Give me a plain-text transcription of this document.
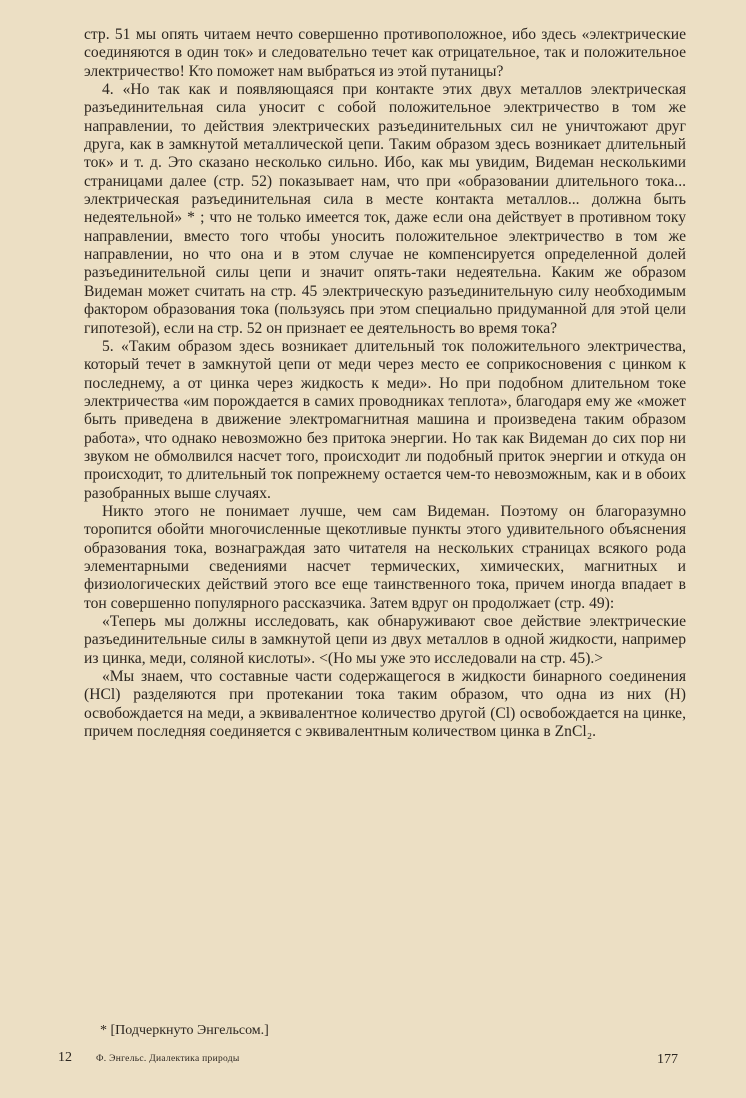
стр. 51 мы опять читаем нечто совершенно противоположное, ибо здесь «электрические соединяются в один ток» и следовательно течет как отрицательное, так и положительное электричество! Кто поможет нам выбраться из этой путаницы?

4. «Но так как и появляющаяся при контакте этих двух металлов электрическая разъединительная сила уносит с собой положительное электричество в том же направлении, то действия электрических разъединительных сил не уничтожают друг друга, как в замкнутой металлической цепи. Таким образом здесь возникает длительный ток» и т. д. Это сказано несколько сильно. Ибо, как мы увидим, Видеман несколькими страницами далее (стр. 52) показывает нам, что при «образовании длительного тока... электрическая разъединительная сила в месте контакта металлов... должна быть недеятельной» * ; что не только имеется ток, даже если она действует в противном току направлении, вместо того чтобы уносить положительное электричество в том же направлении, но что она и в этом случае не компенсируется определенной долей разъединительной силы цепи и значит опять-таки недеятельна. Каким же образом Видеман может считать на стр. 45 электрическую разъединительную силу необходимым фактором образования тока (пользуясь при этом специально придуманной для этой цели гипотезой), если на стр. 52 он признает ее деятельность во время тока?

5. «Таким образом здесь возникает длительный ток положительного электричества, который течет в замкнутой цепи от меди через место ее соприкосновения с цинком к последнему, а от цинка через жидкость к меди». Но при подобном длительном токе электричества «им порождается в самих проводниках теплота», благодаря ему же «может быть приведена в движение электромагнитная машина и произведена таким образом работа», что однако невозможно без притока энергии. Но так как Видеман до сих пор ни звуком не обмолвился насчет того, происходит ли подобный приток энергии и откуда он происходит, то длительный ток попрежнему остается чем-то невозможным, как и в обоих разобранных выше случаях.

Никто этого не понимает лучше, чем сам Видеман. Поэтому он благоразумно торопится обойти многочисленные щекотливые пункты этого удивительного объяснения образования тока, вознаграждая зато читателя на нескольких страницах всякого рода элементарными сведениями насчет термических, химических, магнитных и физиологических действий этого все еще таинственного тока, причем иногда впадает в тон совершенно популярного рассказчика. Затем вдруг он продолжает (стр. 49):

«Теперь мы должны исследовать, как обнаруживают свое действие электрические разъединительные силы в замкнутой цепи из двух металлов в одной жидкости, например из цинка, меди, соляной кислоты». <(Но мы уже это исследовали на стр. 45).>

«Мы знаем, что составные части содержащегося в жидкости бинарного соединения (HCl) разделяются при протекании тока таким образом, что одна из них (H) освобождается на меди, а эквивалентное количество другой (Cl) освобождается на цинке, причем последняя соединяется с эквивалентным количеством цинка в ZnCl₂.

* [Подчеркнуто Энгельсом.]
12	Ф. Энгельс. Диалектика природы	177
